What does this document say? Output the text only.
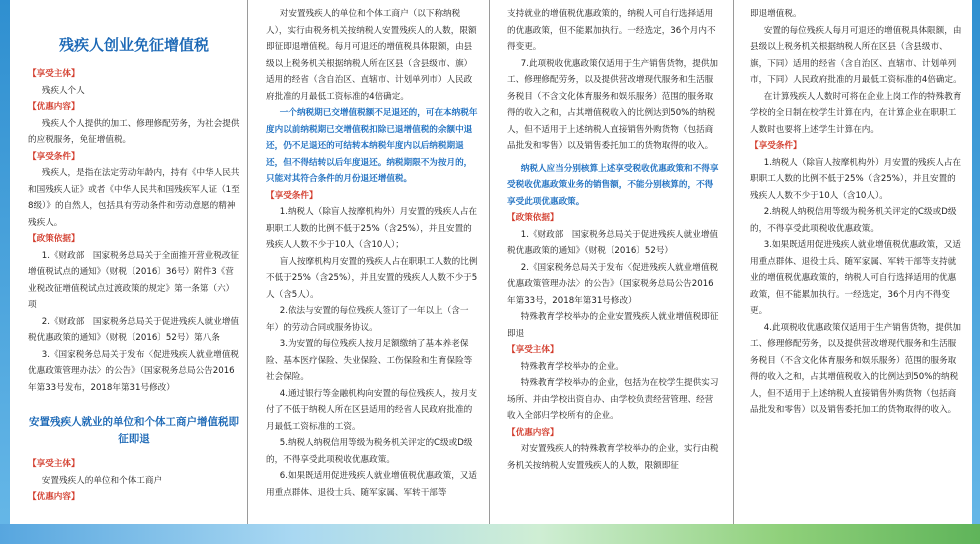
残疾人创业免征增值税

【享受主体】

残疾人个人

【优惠内容】

残疾人个人提供的加工、修理修配劳务，为社会提供的应税服务，免征增值税。

【享受条件】

残疾人，是指在法定劳动年龄内，持有《中华人民共和国残疾人证》或者《中华人民共和国残疾军人证（1至8级）》的自然人，包括具有劳动条件和劳动意愿的精神残疾人。

【政策依据】

1.《财政部　国家税务总局关于全面推开营业税改征增值税试点的通知》（财税〔2016〕36号）附件3《营业税改征增值税试点过渡政策的规定》第一条第（六）项

2.《财政部　国家税务总局关于促进残疾人就业增值税优惠政策的通知》（财税〔2016〕52号）第八条

3.《国家税务总局关于发布〈促进残疾人就业增值税优惠政策管理办法〉的公告》（国家税务总局公告2016年第33号发布，2018年第31号修改）

安置残疾人就业的单位和个体工商户增值税即征即退

【享受主体】

安置残疾人的单位和个体工商户

【优惠内容】

对安置残疾人的单位和个体工商户（以下称纳税人），实行由税务机关按纳税人安置残疾人的人数，限额即征即退增值税。每月可退还的增值税具体限额，由县级以上税务机关根据纳税人所在区县（含县级市、旗）适用的经省（含自治区、直辖市、计划单列市）人民政府批准的月最低工资标准的4倍确定。

一个纳税期已交增值税额不足退还的，可在本纳税年度内以前纳税期已交增值税扣除已退增值税的余额中退还，仍不足退还的可结转本纳税年度内以后纳税期退还，但不得结转以后年度退还。纳税期限不为按月的，只能对其符合条件的月份退还增值税。

【享受条件】

1.纳税人（除盲人按摩机构外）月安置的残疾人占在职职工人数的比例不低于25%（含25%），并且安置的残疾人人数不少于10人（含10人）；

盲人按摩机构月安置的残疾人占在职职工人数的比例不低于25%（含25%），并且安置的残疾人人数不少于5人（含5人）。

2.依法与安置的每位残疾人签订了一年以上（含一年）的劳动合同或服务协议。

3.为安置的每位残疾人按月足额缴纳了基本养老保险、基本医疗保险、失业保险、工伤保险和生育保险等社会保险。

4.通过银行等金融机构向安置的每位残疾人，按月支付了不低于纳税人所在区县适用的经省人民政府批准的月最低工资标准的工资。

5.纳税人纳税信用等级为税务机关评定的C级或D级的，不得享受此项税收优惠政策。

6.如果既适用促进残疾人就业增值税优惠政策，又适用重点群体、退役士兵、随军家属、军转干部等

支持就业的增值税优惠政策的，纳税人可自行选择适用的优惠政策，但不能累加执行。一经选定，36个月内不得变更。

7.此项税收优惠政策仅适用于生产销售货物，提供加工、修理修配劳务，以及提供营改增现代服务和生活服务税目（不含文化体育服务和娱乐服务）范围的服务取得的收入之和，占其增值税收入的比例达到50%的纳税人，但不适用于上述纳税人直接销售外购货物（包括商品批发和零售）以及销售委托加工的货物取得的收入。

纳税人应当分别核算上述享受税收优惠政策和不得享受税收优惠政策业务的销售额，不能分别核算的，不得享受此项优惠政策。

【政策依据】

1.《财政部　国家税务总局关于促进残疾人就业增值税优惠政策的通知》（财税〔2016〕52号）

2.《国家税务总局关于发布〈促进残疾人就业增值税优惠政策管理办法〉的公告》（国家税务总局公告2016年第33号，2018年第31号修改）

特殊教育学校举办的企业安置残疾人就业增值税即征即退

【享受主体】

特殊教育学校举办的企业。

特殊教育学校举办的企业，包括为在校学生提供实习场所、并由学校出资自办、由学校负责经营管理、经营收入全部归学校所有的企业。

【优惠内容】

对安置残疾人的特殊教育学校举办的企业，实行由税务机关按纳税人安置残疾人的人数，限额即征

即退增值税。

安置的每位残疾人每月可退还的增值税具体限额，由县级以上税务机关根据纳税人所在区县（含县级市、旗，下同）适用的经省（含自治区、直辖市、计划单列市，下同）人民政府批准的月最低工资标准的4倍确定。

在计算残疾人人数时可将在企业上岗工作的特殊教育学校的全日制在校学生计算在内，在计算企业在职职工人数时也要将上述学生计算在内。

【享受条件】

1.纳税人（除盲人按摩机构外）月安置的残疾人占在职职工人数的比例不低于25%（含25%），并且安置的残疾人人数不少于10人（含10人）。

2.纳税人纳税信用等级为税务机关评定的C级或D级的，不得享受此项税收优惠政策。

3.如果既适用促进残疾人就业增值税优惠政策，又适用重点群体、退役士兵、随军家属、军转干部等支持就业的增值税优惠政策的，纳税人可自行选择适用的优惠政策，但不能累加执行。一经选定，36个月内不得变更。

4.此项税收优惠政策仅适用于生产销售货物，提供加工、修理修配劳务，以及提供营改增现代服务和生活服务税目（不含文化体育服务和娱乐服务）范围的服务取得的收入之和，占其增值税收入的比例达到50%的纳税人，但不适用于上述纳税人直接销售外购货物（包括商品批发和零售）以及销售委托加工的货物取得的收入。
